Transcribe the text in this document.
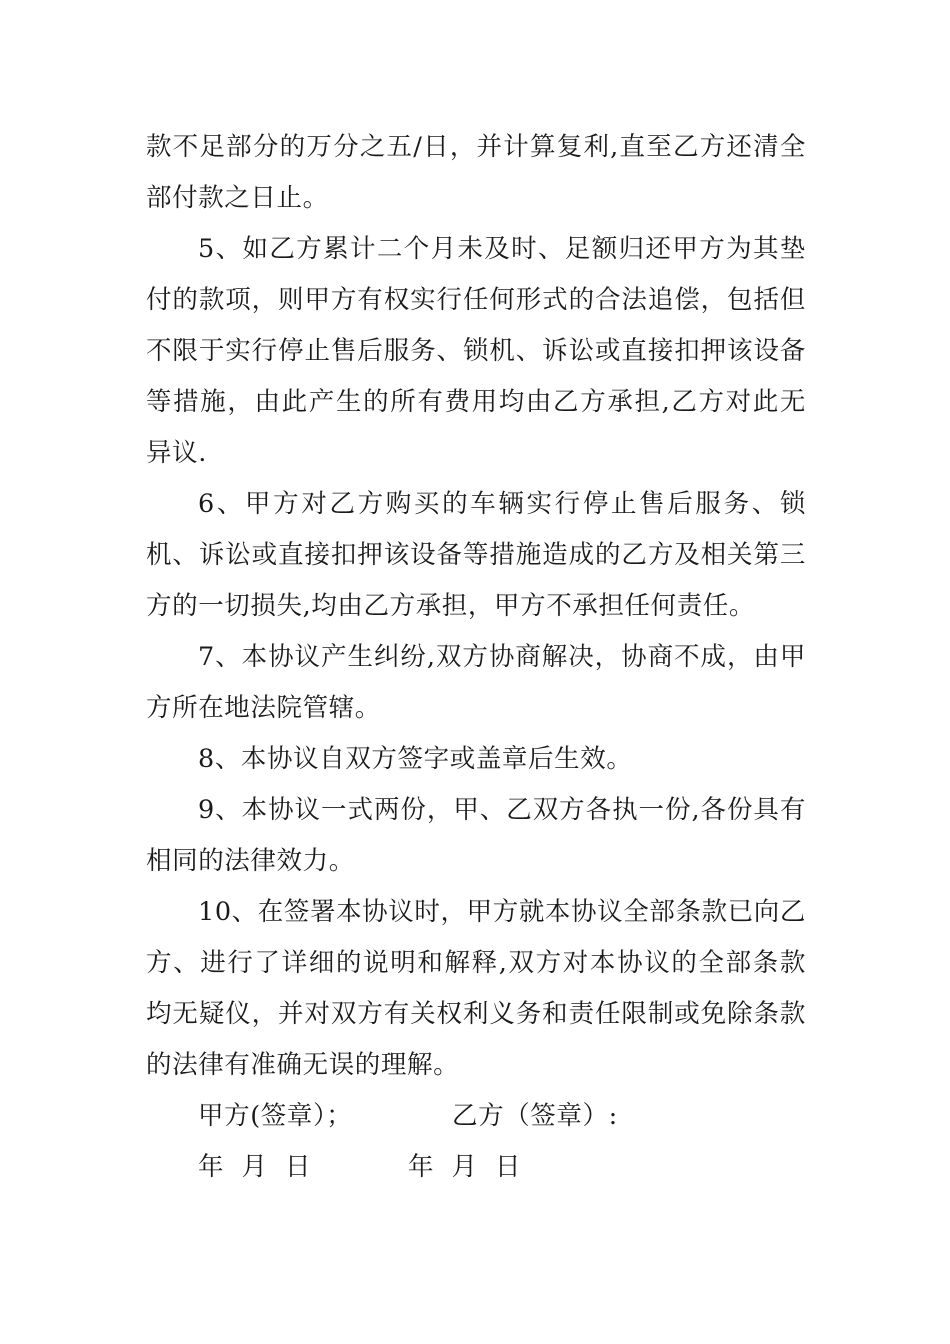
款不足部分的万分之五/日，并计算复利,直至乙方还清全部付款之日止。

5、如乙方累计二个月未及时、足额归还甲方为其垫付的款项，则甲方有权实行任何形式的合法追偿，包括但不限于实行停止售后服务、锁机、诉讼或直接扣押该设备等措施，由此产生的所有费用均由乙方承担,乙方对此无异议.

6、甲方对乙方购买的车辆实行停止售后服务、锁机、诉讼或直接扣押该设备等措施造成的乙方及相关第三方的一切损失,均由乙方承担，甲方不承担任何责任。

7、本协议产生纠纷,双方协商解决，协商不成，由甲方所在地法院管辖。

8、本协议自双方签字或盖章后生效。

9、本协议一式两份，甲、乙双方各执一份,各份具有相同的法律效力。

10、在签署本协议时，甲方就本协议全部条款已向乙方、进行了详细的说明和解释,双方对本协议的全部条款均无疑仪，并对双方有关权利义务和责任限制或免除条款的法律有准确无误的理解。

甲方(签章）；	乙方（签章）:
年  月  日	年  月  日
